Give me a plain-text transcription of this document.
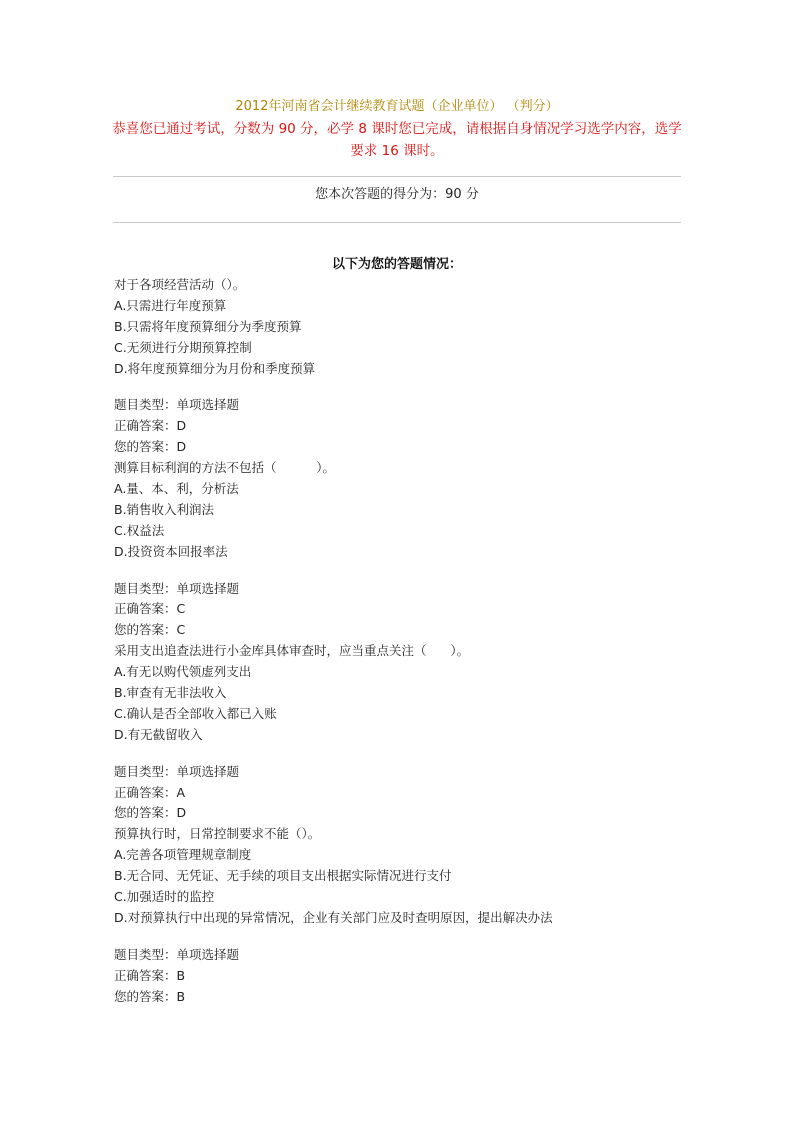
2012年河南省会计继续教育试题（企业单位） （判分）
恭喜您已通过考试，分数为 90 分，必学 8 课时您已完成，请根据自身情况学习选学内容，选学要求 16 课时。
您本次答题的得分为：90 分
以下为您的答题情况：
对于各项经营活动（）。
A.只需进行年度预算
B.只需将年度预算细分为季度预算
C.无须进行分期预算控制
D.将年度预算细分为月份和季度预算
题目类型：单项选择题
正确答案：D
您的答案：D
测算目标利润的方法不包括（          ）。
A.量、本、利，分析法
B.销售收入利润法
C.权益法
D.投资资本回报率法
题目类型：单项选择题
正确答案：C
您的答案：C
采用支出追查法进行小金库具体审查时，应当重点关注（      ）。
A.有无以购代领虚列支出
B.审查有无非法收入
C.确认是否全部收入都已入账
D.有无截留收入
题目类型：单项选择题
正确答案：A
您的答案：D
预算执行时，日常控制要求不能（）。
A.完善各项管理规章制度
B.无合同、无凭证、无手续的项目支出根据实际情况进行支付
C.加强适时的监控
D.对预算执行中出现的异常情况，企业有关部门应及时查明原因，提出解决办法
题目类型：单项选择题
正确答案：B
您的答案：B
